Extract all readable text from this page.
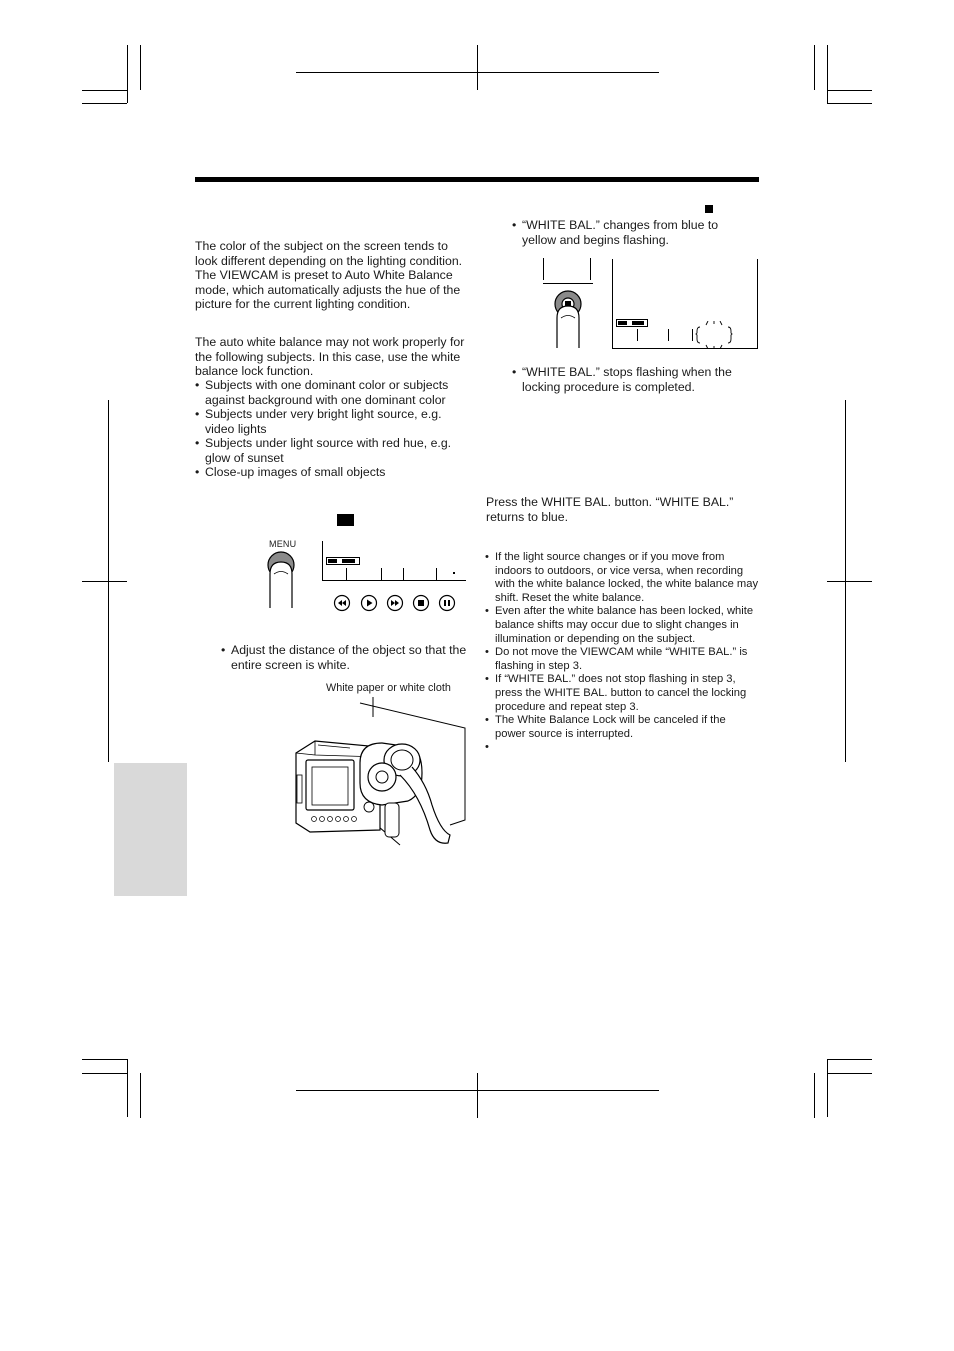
The color of the subject on the screen tends to look different depending on the lighting condition. The VIEWCAM is preset to Auto White Balance mode, which automatically adjusts the hue of the picture for the current lighting condition.
The auto white balance may not work properly for the following subjects. In this case, use the white balance lock function.
• Subjects with one dominant color or subjects against background with one dominant color
• Subjects under very bright light source, e.g. video lights
• Subjects under light source with red hue, e.g. glow of sunset
• Close-up images of small objects
MENU
• Adjust the distance of the object so that the entire screen is white.
White paper or white cloth
• “WHITE BAL.” changes from blue to yellow and begins flashing.
• “WHITE BAL.” stops flashing when the locking procedure is completed.
Press the WHITE BAL. button. “WHITE BAL.” returns to blue.
• If the light source changes or if you move from indoors to outdoors, or vice versa, when recording with the white balance locked, the white balance may shift. Reset the white balance.
• Even after the white balance has been locked, white balance shifts may occur due to slight changes in illumination or depending on the subject.
• Do not move the VIEWCAM while “WHITE BAL.” is flashing in step 3.
• If “WHITE BAL.” does not stop flashing in step 3, press the WHITE BAL. button to cancel the locking procedure and repeat step 3.
• The White Balance Lock will be canceled if the power source is interrupted.
•
